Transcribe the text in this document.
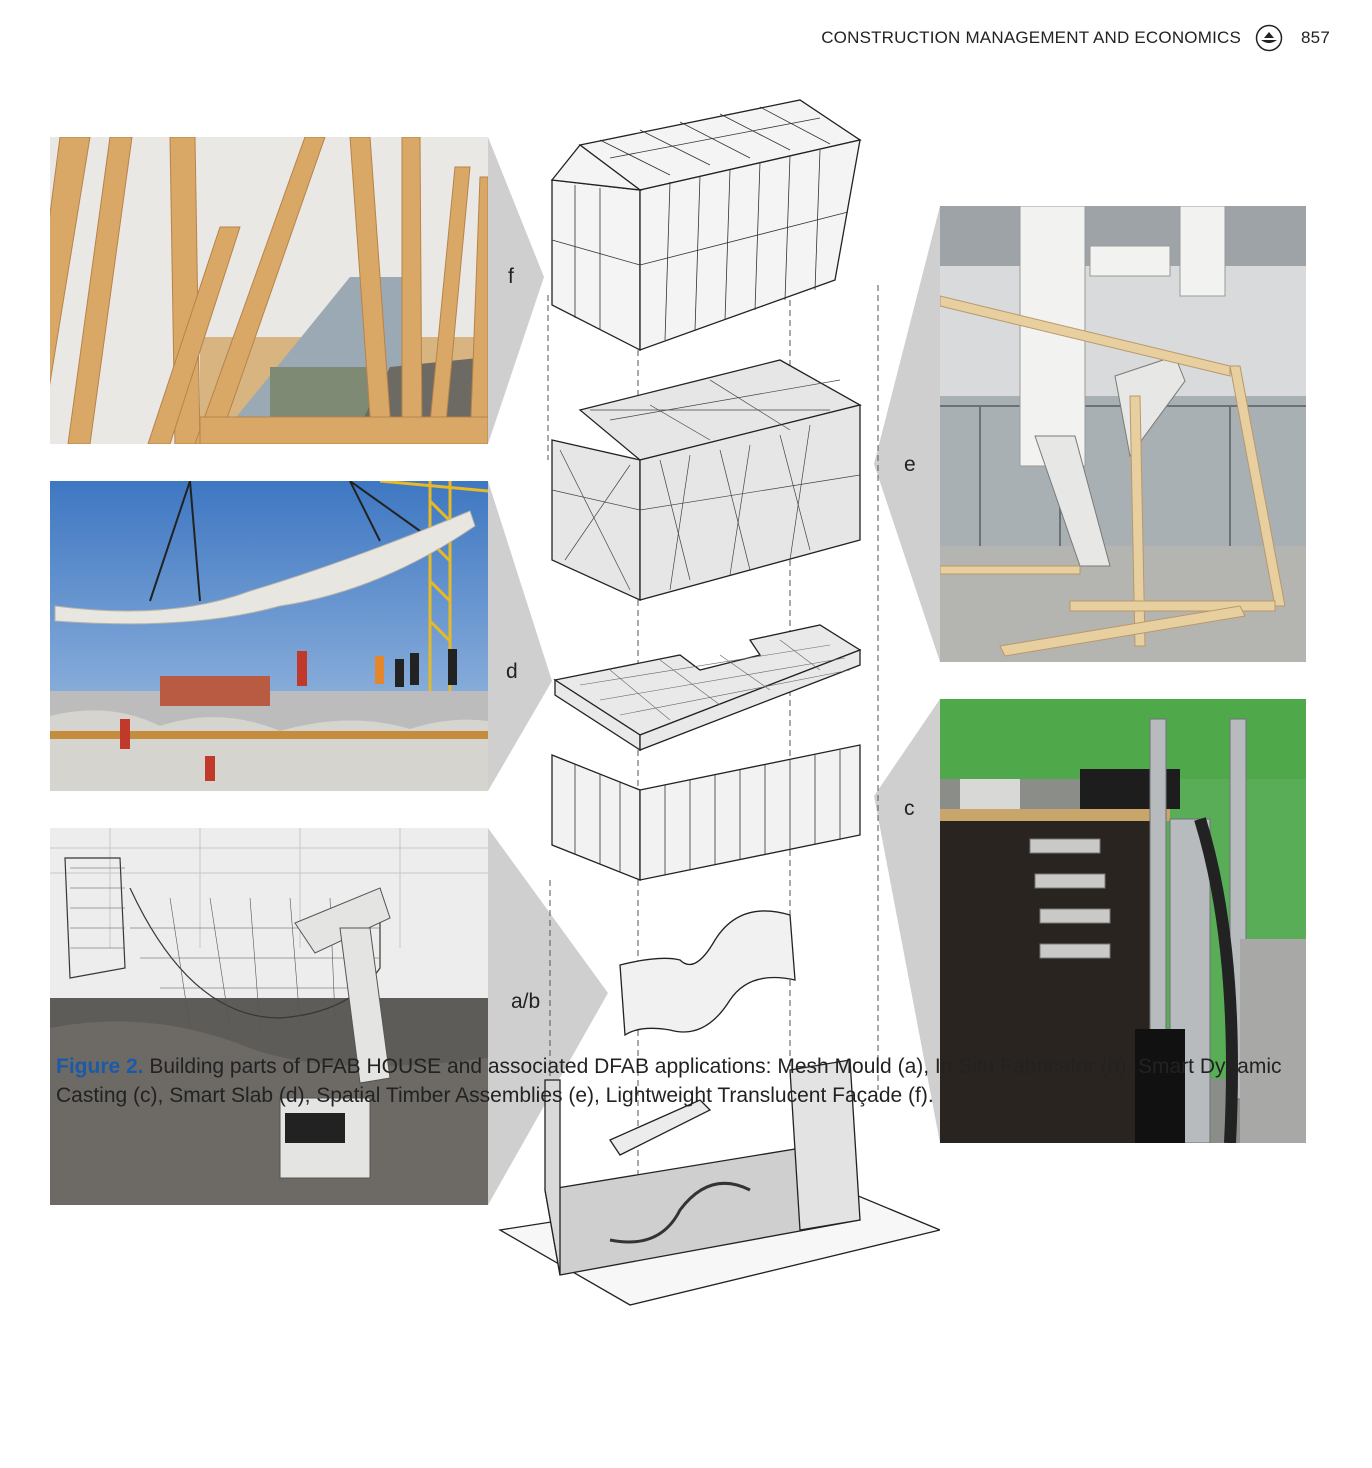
CONSTRUCTION MANAGEMENT AND ECONOMICS	857
f
d
a/b
e
c
Figure 2. Building parts of DFAB HOUSE and associated DFAB applications: Mesh Mould (a), In Situ Fabricator (b), Smart Dynamic Casting (c), Smart Slab (d), Spatial Timber Assemblies (e), Lightweight Translucent Façade (f).
